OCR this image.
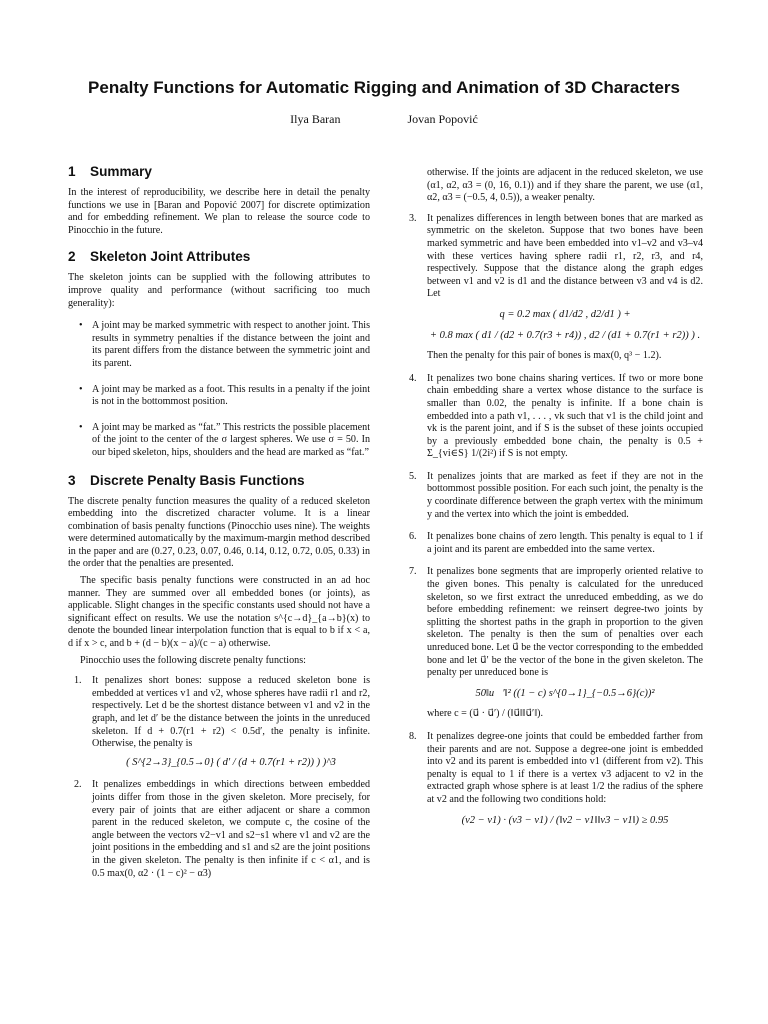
Penalty Functions for Automatic Rigging and Animation of 3D Characters
Ilya Baran	Jovan Popović
1 Summary

In the interest of reproducibility, we describe here in detail the penalty functions we use in [Baran and Popović 2007] for discrete optimization and for embedding refinement. We plan to release the source code to Pinocchio in the future.

2 Skeleton Joint Attributes

The skeleton joints can be supplied with the following attributes to improve quality and performance (without sacrificing too much generality):

• A joint may be marked symmetric with respect to another joint. This results in symmetry penalties if the distance between the joint and its parent differs from the distance between the symmetric joint and its parent.
• A joint may be marked as a foot. This results in a penalty if the joint is not in the bottommost position.
• A joint may be marked as “fat.” This restricts the possible placement of the joint to the center of the σ largest spheres. We use σ = 50. In our biped skeleton, hips, shoulders and the head are marked as “fat.”
3 Discrete Penalty Basis Functions

The discrete penalty function measures the quality of a reduced skeleton embedding into the discretized character volume. It is a linear combination of basis penalty functions (Pinocchio uses nine). The weights were determined automatically by the maximum-margin method described in the paper and are (0.27, 0.23, 0.07, 0.46, 0.14, 0.12, 0.72, 0.05, 0.33) in the order that the penalties are presented.

The specific basis penalty functions were constructed in an ad hoc manner. They are summed over all embedded bones (or joints), as applicable. Slight changes in the specific constants used should not have a significant effect on results. We use the notation s^{c→d}_{a→b}(x) to denote the bounded linear interpolation function that is equal to b if x < a, d if x > c, and b + (d − b)(x − a)/(c − a) otherwise.

Pinocchio uses the following discrete penalty functions:

1. It penalizes short bones: suppose a reduced skeleton bone is embedded at vertices v1 and v2, whose spheres have radii r1 and r2, respectively. Let d be the shortest distance between v1 and v2 in the graph, and let d′ be the distance between the joints in the unreduced skeleton. If d + 0.7(r1 + r2) < 0.5d′, the penalty is infinite. Otherwise, the penalty is
( S^{2→3}_{0.5→0} ( d′ / (d + 0.7(r1 + r2)) ) )^3
2. It penalizes embeddings in which directions between embedded joints differ from those in the given skeleton. More precisely, for every pair of joints that are either adjacent or share a common parent in the reduced skeleton, we compute c, the cosine of the angle between the vectors v2−v1 and s2−s1 where v1 and v2 are the joint positions in the embedding and s1 and s2 are the joint positions in the given skeleton. The penalty is then infinite if c < α1, and is 0.5 max(0, α2 · (1 − c)² − α3)
otherwise. If the joints are adjacent in the reduced skeleton, we use (α1, α2, α3 = (0, 16, 0.1)) and if they share the parent, we use (α1, α2, α3 = (−0.5, 4, 0.5)), a weaker penalty.
3. It penalizes differences in length between bones that are marked as symmetric on the skeleton. Suppose that two bones have been marked symmetric and have been embedded into v1–v2 and v3–v4 with these vertices having sphere radii r1, r2, r3, and r4, respectively. Suppose that the distance along the graph edges between v1 and v2 is d1 and the distance between v3 and v4 is d2. Let
q = 0.2 max ( d1/d2 , d2/d1 ) +
+ 0.8 max ( d1 / (d2 + 0.7(r3 + r4)) , d2 / (d1 + 0.7(r1 + r2)) ) .
Then the penalty for this pair of bones is max(0, q³ − 1.2).
4. It penalizes two bone chains sharing vertices. If two or more bone chain embedding share a vertex whose distance to the surface is smaller than 0.02, the penalty is infinite. If a bone chain is embedded into a path v1, . . . , vk such that v1 is the child joint and vk is the parent joint, and if S is the subset of these joints occupied by a previously embedded bone chain, the penalty is 0.5 + Σ_{vi∈S} 1/(2i²) if S is not empty.
5. It penalizes joints that are marked as feet if they are not in the bottommost possible position. For each such joint, the penalty is the y coordinate difference between the graph vertex with the minimum y and the vertex into which the joint is embedded.
6. It penalizes bone chains of zero length. This penalty is equal to 1 if a joint and its parent are embedded into the same vertex.
7. It penalizes bone segments that are improperly oriented relative to the given bones. This penalty is calculated for the unreduced skeleton, so we first extract the unreduced embedding, as we do before embedding refinement: we reinsert degree-two joints by splitting the shortest paths in the graph in proportion to the given skeleton. The penalty is then the sum of penalties over each unreduced bone. Let u⃗ be the vector corresponding to the embedded bone and let u⃗′ be the vector of the bone in the given skeleton. The penalty per unreduced bone is
50‖u⃗′‖² ((1 − c) s^{0→1}_{−0.5→6}(c))²
where c = (u⃗ · u⃗′) / (‖u⃗‖‖u⃗′‖).
8. It penalizes degree-one joints that could be embedded farther from their parents and are not. Suppose a degree-one joint is embedded into v2 and its parent is embedded into v1 (different from v2). This penalty is equal to 1 if there is a vertex v3 adjacent to v2 in the extracted graph whose sphere is at least 1/2 the radius of the sphere at v2 and the following two conditions hold:
(v2 − v1) · (v3 − v1) / (‖v2 − v1‖‖v3 − v1‖) ≥ 0.95
